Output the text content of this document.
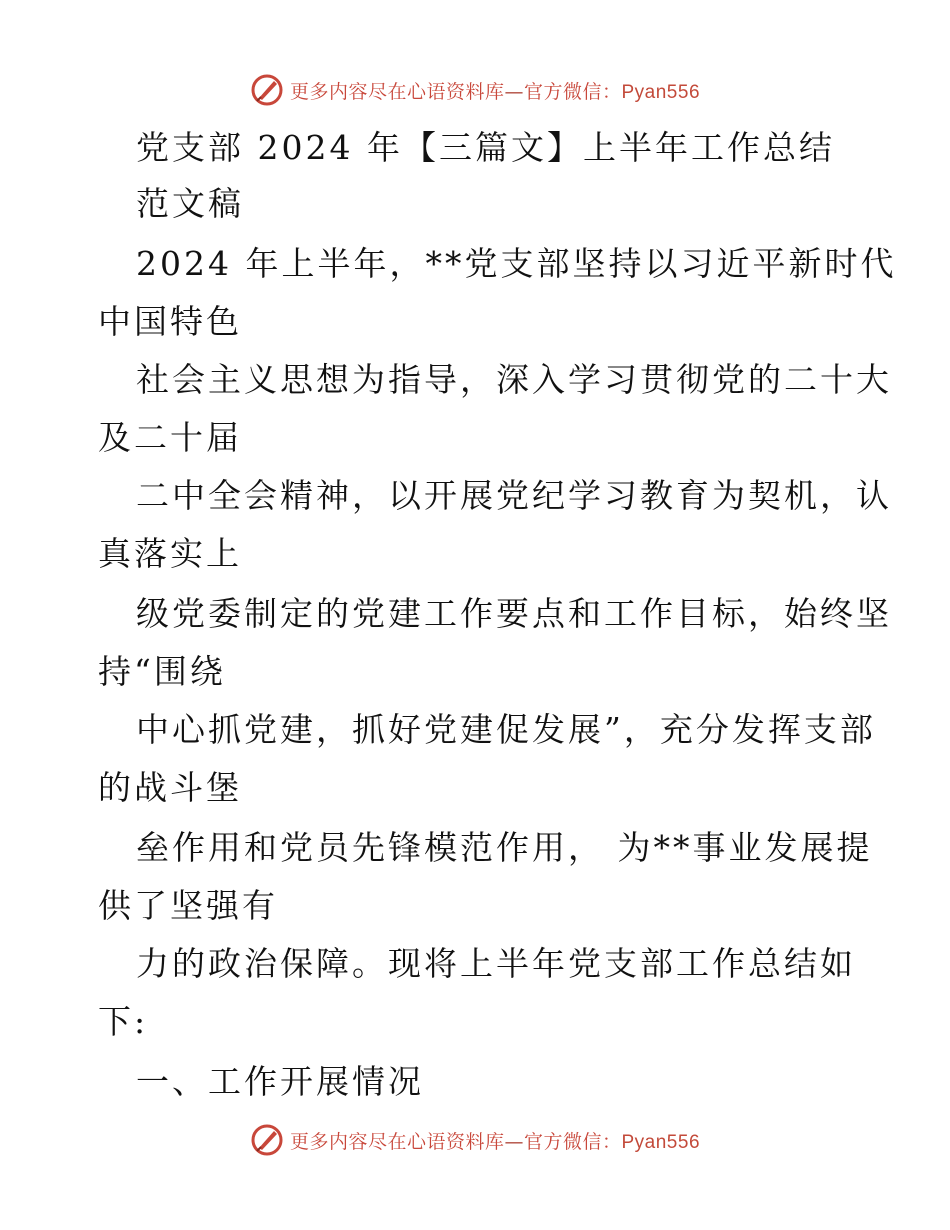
更多内容尽在心语资料库—官方微信：Pyan556
党支部 2024 年【三篇文】上半年工作总结
范文稿
2024 年上半年，**党支部坚持以习近平新时代
中国特色
社会主义思想为指导，深入学习贯彻党的二十大
及二十届
二中全会精神，以开展党纪学习教育为契机，认
真落实上
级党委制定的党建工作要点和工作目标，始终坚
持“围绕
中心抓党建，抓好党建促发展”，充分发挥支部
的战斗堡
垒作用和党员先锋模范作用， 为**事业发展提
供了坚强有
力的政治保障。现将上半年党支部工作总结如
下:
一、工作开展情况
更多内容尽在心语资料库—官方微信：Pyan556
